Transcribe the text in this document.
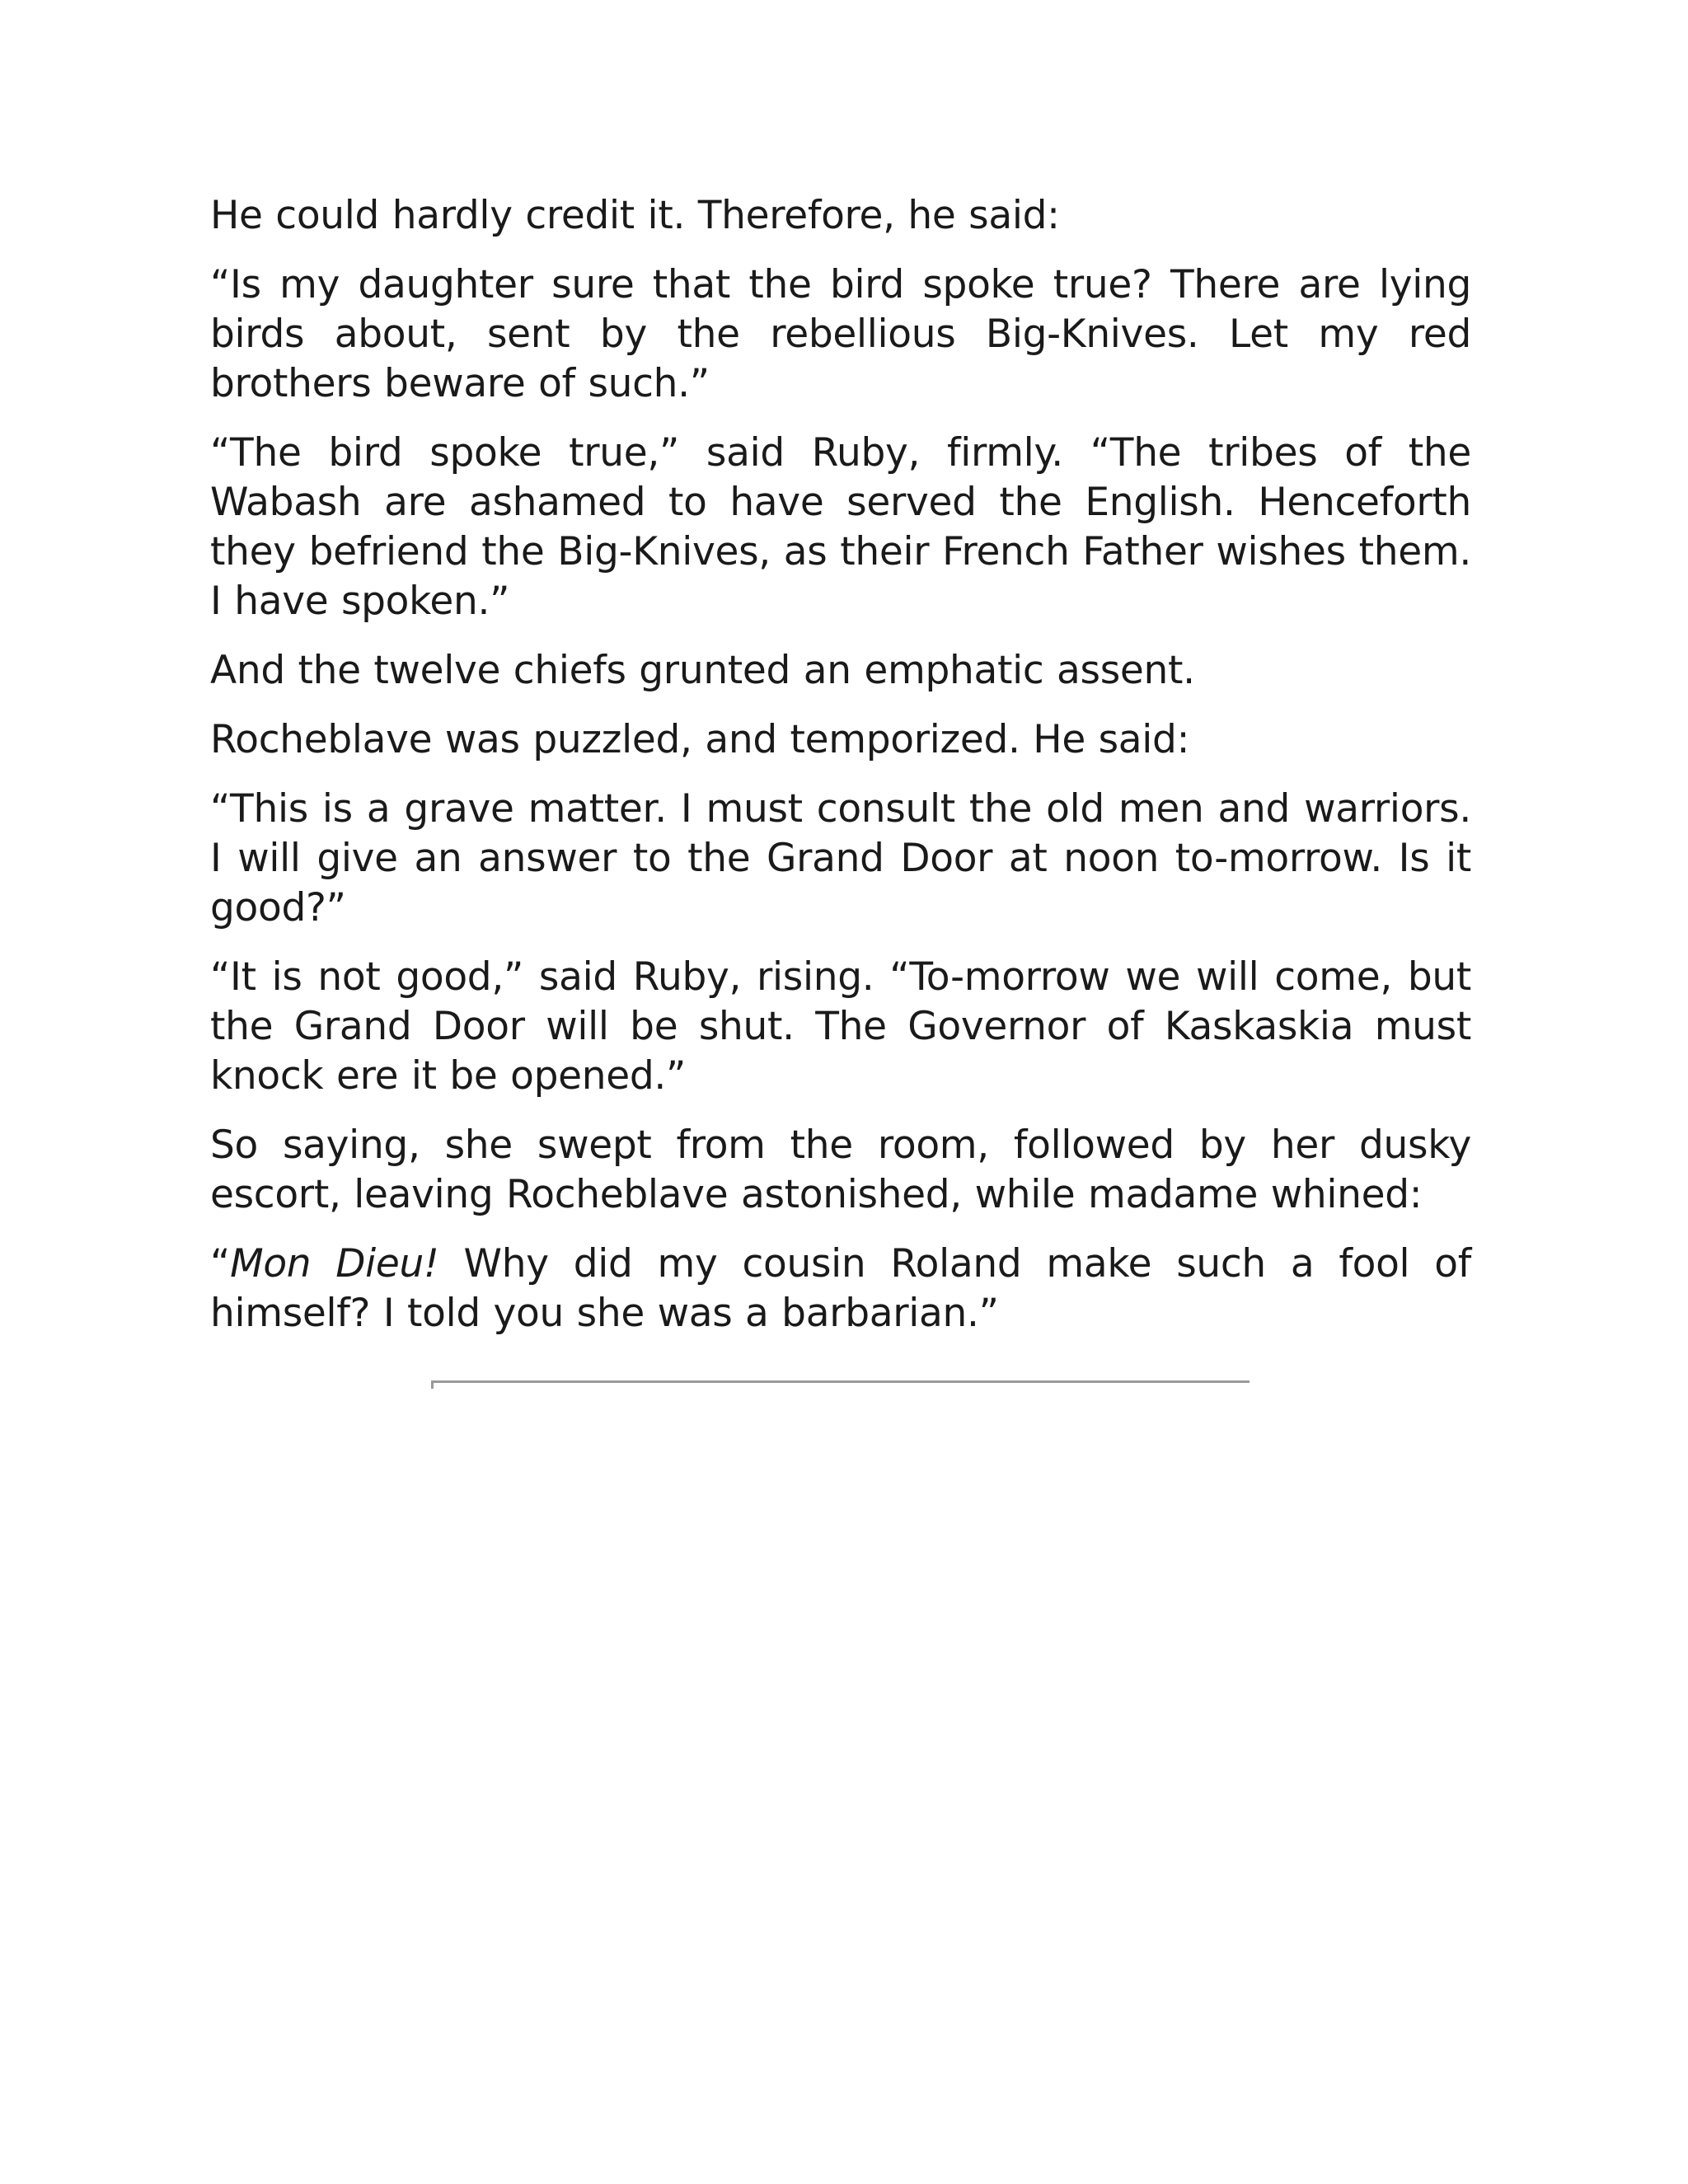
He could hardly credit it. Therefore, he said:

“Is my daughter sure that the bird spoke true? There are lying birds about, sent by the rebellious Big-Knives. Let my red brothers beware of such.”

“The bird spoke true,” said Ruby, firmly. “The tribes of the Wabash are ashamed to have served the English. Henceforth they befriend the Big-Knives, as their French Father wishes them. I have spoken.”

And the twelve chiefs grunted an emphatic assent.

Rocheblave was puzzled, and temporized. He said:

“This is a grave matter. I must consult the old men and warriors. I will give an answer to the Grand Door at noon to-morrow. Is it good?”

“It is not good,” said Ruby, rising. “To-morrow we will come, but the Grand Door will be shut. The Governor of Kaskaskia must knock ere it be opened.”

So saying, she swept from the room, followed by her dusky escort, leaving Rocheblave astonished, while madame whined:

“Mon Dieu! Why did my cousin Roland make such a fool of himself? I told you she was a barbarian.”
